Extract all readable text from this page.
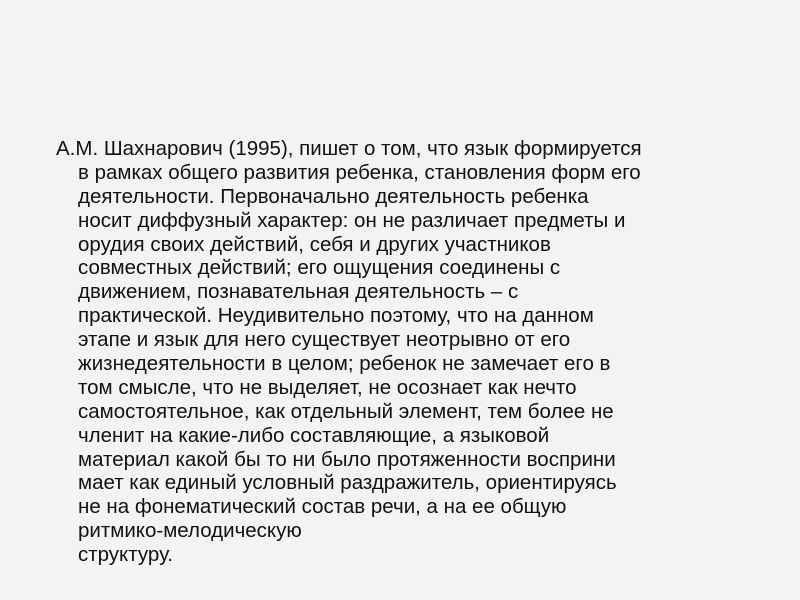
А.М. Шахнарович (1995), пишет о том, что язык формируется
в рамках общего развития ребенка, становления форм его
деятельности. Первоначально деятельность ребенка
носит диффузный характер: он не различает предметы и
орудия своих действий, себя и других участников
совместных действий; его ощущения соединены с
движением, познавательная деятельность – с
практической. Неудивительно поэтому, что на данном
этапе и язык для него существует неотрывно от его
жизнедеятельности в целом; ребенок не замечает его в
том смысле, что не выделяет, не осознает как нечто
самостоятельное, как отдельный элемент, тем более не
членит на какие-либо составляющие, а языковой
материал какой бы то ни было протяженности восприни
мает как единый условный раздражитель, ориентируясь
не на фонематический состав речи, а на ее общую
ритмико-мелодическую
структуру.
